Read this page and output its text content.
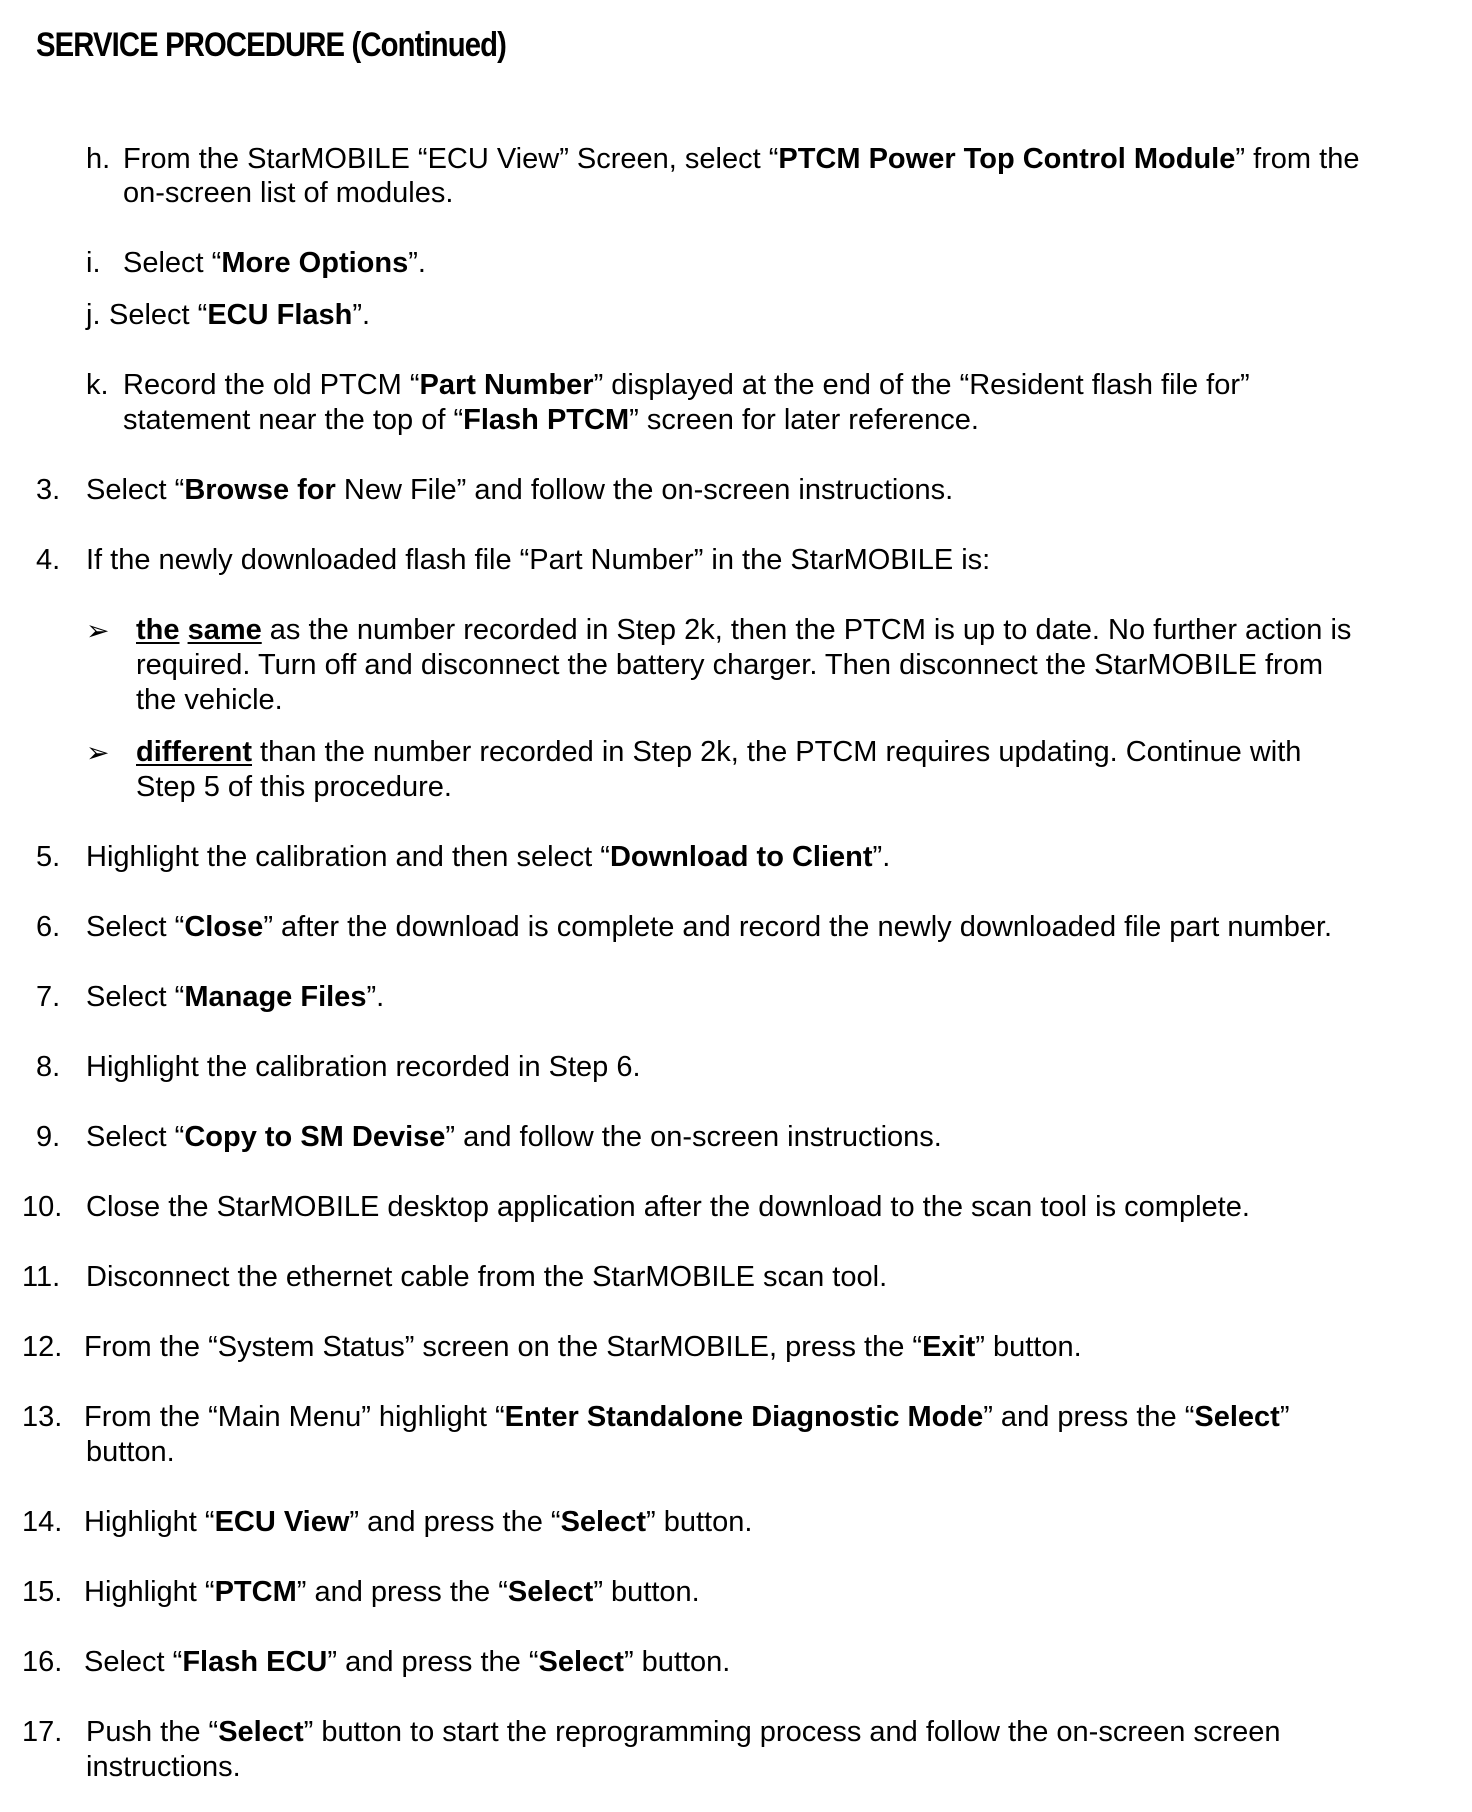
SERVICE PROCEDURE (Continued)
h. From the StarMOBILE “ECU View” Screen, select “PTCM Power Top Control Module” from the
on-screen list of modules.
i. Select “More Options”.
j. Select “ECU Flash”.
k. Record the old PTCM “Part Number” displayed at the end of the “Resident flash file for”
statement near the top of “Flash PTCM” screen for later reference.
3. Select “Browse for New File” and follow the on-screen instructions.
4. If the newly downloaded flash file “Part Number” in the StarMOBILE is:
➢ the same as the number recorded in Step 2k, then the PTCM is up to date. No further action is
required. Turn off and disconnect the battery charger. Then disconnect the StarMOBILE from
the vehicle.
➢ different than the number recorded in Step 2k, the PTCM requires updating. Continue with
Step 5 of this procedure.
5. Highlight the calibration and then select “Download to Client”.
6. Select “Close” after the download is complete and record the newly downloaded file part number.
7. Select “Manage Files”.
8. Highlight the calibration recorded in Step 6.
9. Select “Copy to SM Devise” and follow the on-screen instructions.
10. Close the StarMOBILE desktop application after the download to the scan tool is complete.
11. Disconnect the ethernet cable from the StarMOBILE scan tool.
12. From the “System Status” screen on the StarMOBILE, press the “Exit” button.
13. From the “Main Menu” highlight “Enter Standalone Diagnostic Mode” and press the “Select”
button.
14. Highlight “ECU View” and press the “Select” button.
15. Highlight “PTCM” and press the “Select” button.
16. Select “Flash ECU” and press the “Select” button.
17. Push the “Select” button to start the reprogramming process and follow the on-screen screen
instructions.
